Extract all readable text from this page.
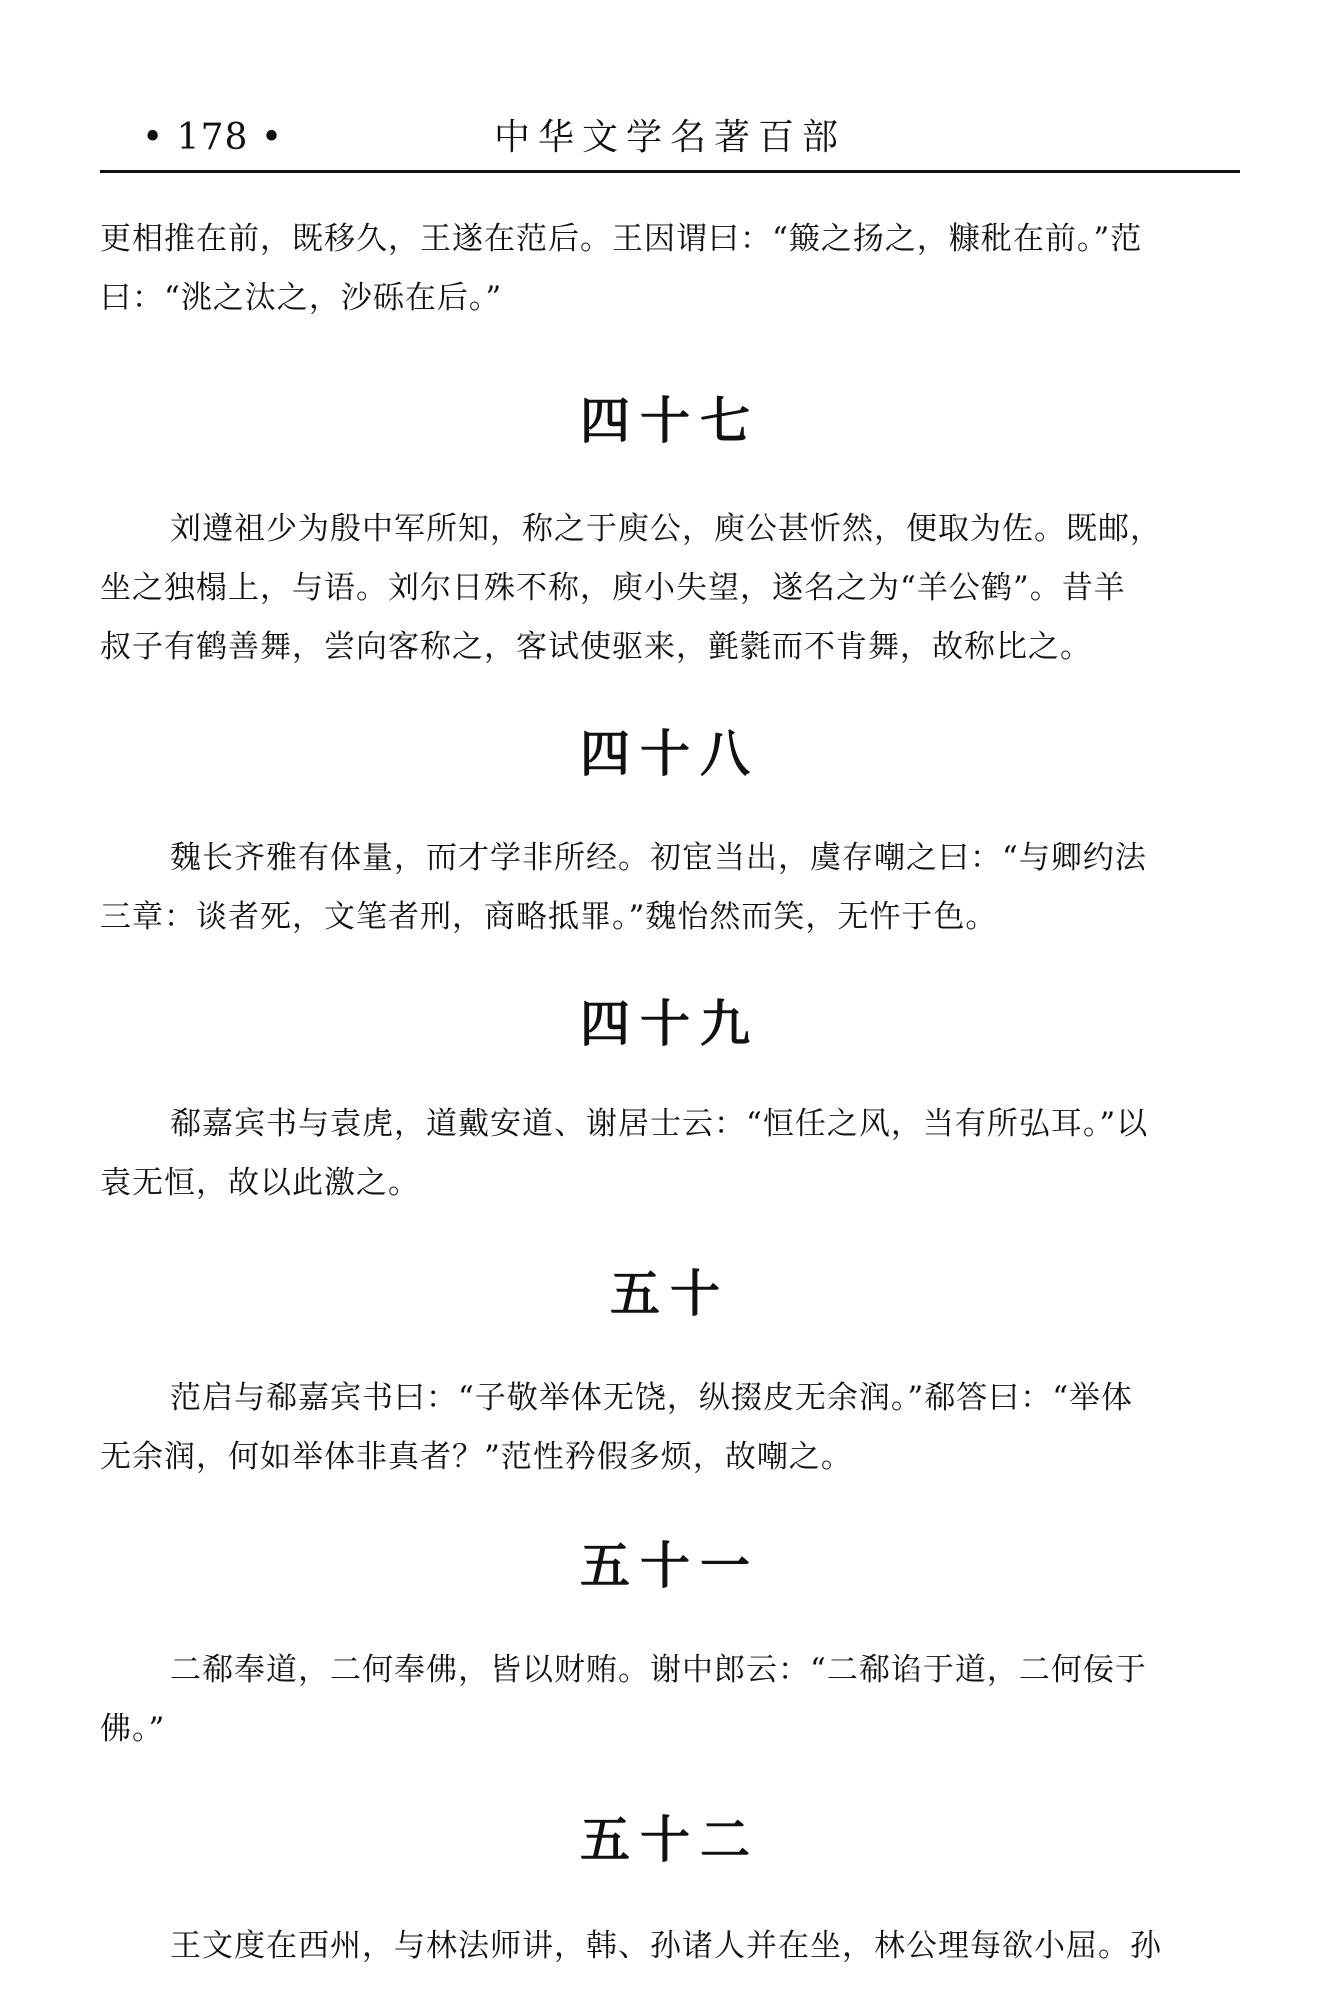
• 178 •	中华文学名著百部

更相推在前，既移久，王遂在范后。王因谓曰：“簸之扬之，糠秕在前。”范
曰：“洮之汰之，沙砾在后。”

四十七

刘遵祖少为殷中军所知，称之于庾公，庾公甚忻然，便取为佐。既邮，
坐之独榻上，与语。刘尔日殊不称，庾小失望，遂名之为“羊公鹤”。昔羊
叔子有鹤善舞，尝向客称之，客试使驱来，氃氋而不肯舞，故称比之。

四十八

魏长齐雅有体量，而才学非所经。初宦当出，虞存嘲之曰：“与卿约法
三章：谈者死，文笔者刑，商略抵罪。”魏怡然而笑，无忤于色。

四十九

郗嘉宾书与袁虎，道戴安道、谢居士云：“恒任之风，当有所弘耳。”以
袁无恒，故以此激之。

五十

范启与郗嘉宾书曰：“子敬举体无饶，纵掇皮无余润。”郗答曰：“举体
无余润，何如举体非真者？”范性矜假多烦，故嘲之。

五十一

二郗奉道，二何奉佛，皆以财贿。谢中郎云：“二郗谄于道，二何佞于
佛。”

五十二

王文度在西州，与林法师讲，韩、孙诸人并在坐，林公理每欲小屈。孙
